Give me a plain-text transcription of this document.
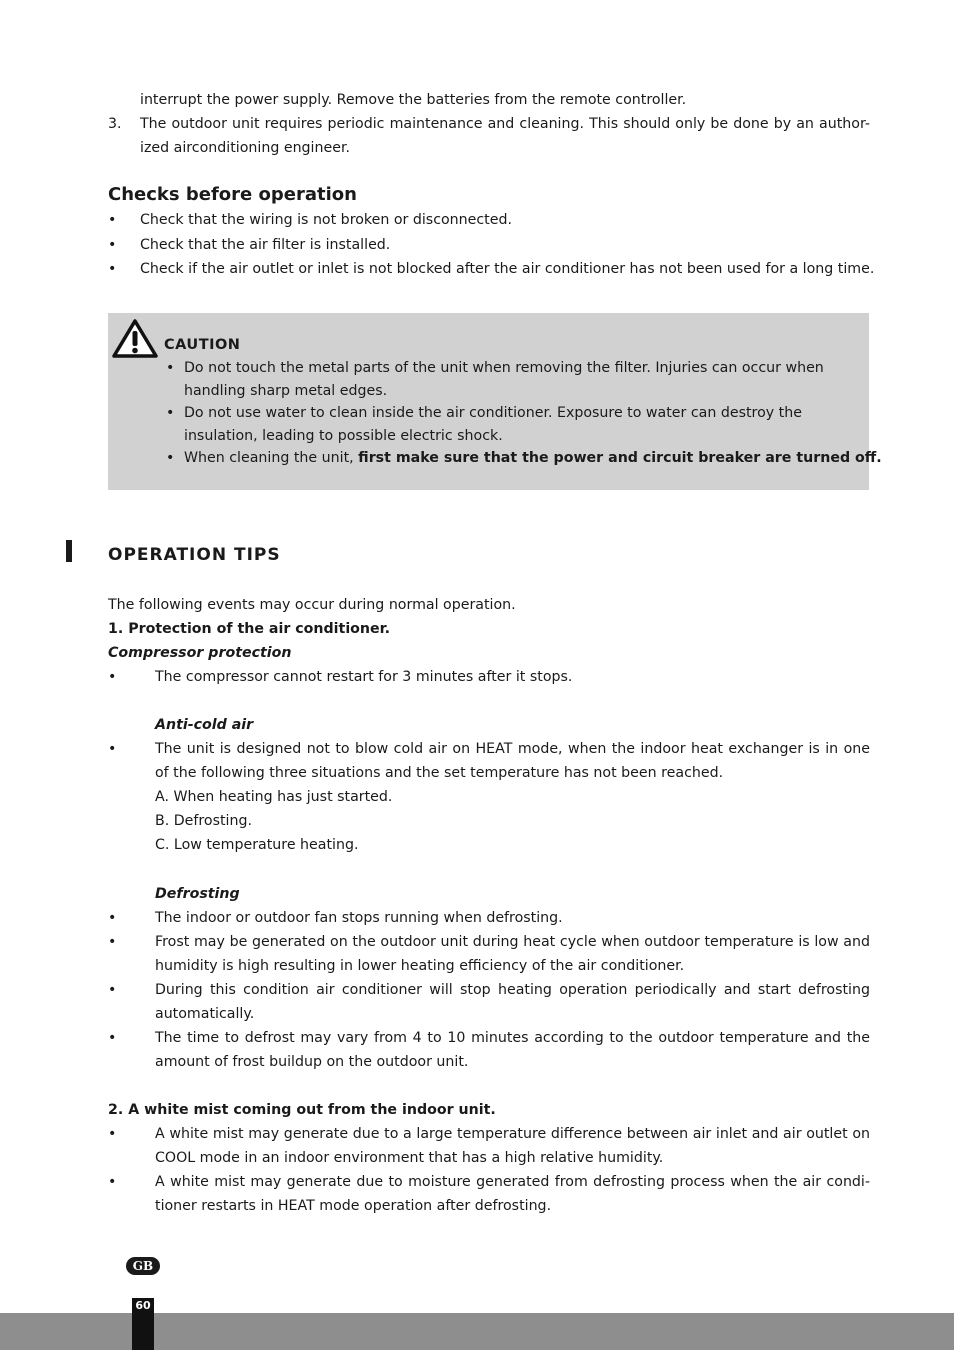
interrupt the power supply. Remove the batteries from the remote controller.
3. The outdoor unit requires periodic maintenance and cleaning. This should only be done by an author-
ized airconditioning engineer.
Checks before operation
• Check that the wiring is not broken or disconnected.
• Check that the air filter is installed.
• Check if the air outlet or inlet is not blocked after the air conditioner has not been used for a long time.
CAUTION
• Do not touch the metal parts of the unit when removing the filter. Injuries can occur when
handling sharp metal edges.
• Do not use water to clean inside the air conditioner. Exposure to water can destroy the
insulation, leading to possible electric shock.
• When cleaning the unit, first make sure that the power and circuit breaker are turned off.
OPERATION TIPS
The following events may occur during normal operation.
1. Protection of the air conditioner.
Compressor protection
•	The compressor cannot restart for 3 minutes after it stops.
Anti-cold air
•	The unit is designed not to blow cold air on HEAT mode, when the indoor heat exchanger is in one
of the following three situations and the set temperature has not been reached.
A. When heating has just started.
B. Defrosting.
C. Low temperature heating.
Defrosting
•	The indoor or outdoor fan stops running when defrosting.
•	Frost may be generated on the outdoor unit during heat cycle when outdoor temperature is low and
humidity is high resulting in lower heating efficiency of the air conditioner.
•	During this condition air conditioner will stop heating operation periodically and start defrosting
automatically.
•	The time to defrost may vary from 4 to 10 minutes according to the outdoor temperature and the
amount of frost buildup on the outdoor unit.
2. A white mist coming out from the indoor unit.
•	A white mist may generate due to a large temperature difference between air inlet and air outlet on
COOL mode in an indoor environment that has a high relative humidity.
•	A white mist may generate due to moisture generated from defrosting process when the air condi-
tioner restarts in HEAT mode operation after defrosting.
GB
60
